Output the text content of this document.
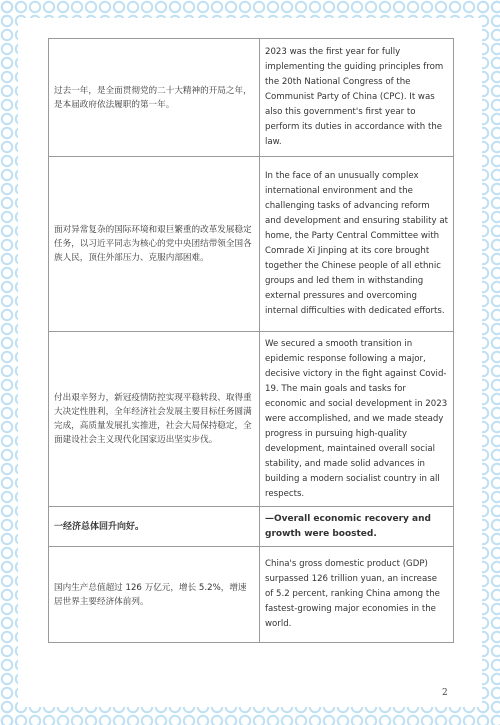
过去一年，是全面贯彻党的二十大精神的开局之年，是本届政府依法履职的第一年。	2023 was the first year for fully implementing the guiding principles from the 20th National Congress of the Communist Party of China (CPC). It was also this government's first year to perform its duties in accordance with the law.

面对异常复杂的国际环境和艰巨繁重的改革发展稳定任务，以习近平同志为核心的党中央团结带领全国各族人民，顶住外部压力、克服内部困难。	In the face of an unusually complex international environment and the challenging tasks of advancing reform and development and ensuring stability at home, the Party Central Committee with Comrade Xi Jinping at its core brought together the Chinese people of all ethnic groups and led them in withstanding external pressures and overcoming internal difficulties with dedicated efforts.

付出艰辛努力，新冠疫情防控实现平稳转段、取得重大决定性胜利，全年经济社会发展主要目标任务圆满完成，高质量发展扎实推进，社会大局保持稳定，全面建设社会主义现代化国家迈出坚实步伐。	We secured a smooth transition in epidemic response following a major, decisive victory in the fight against Covid-19. The main goals and tasks for economic and social development in 2023 were accomplished, and we made steady progress in pursuing high-quality development, maintained overall social stability, and made solid advances in building a modern socialist country in all respects.

一经济总体回升向好。	—Overall economic recovery and growth were boosted.

国内生产总值超过 126 万亿元，增长 5.2%，增速居世界主要经济体前列。	China's gross domestic product (GDP) surpassed 126 trillion yuan, an increase of 5.2 percent, ranking China among the fastest-growing major economies in the world.
2
